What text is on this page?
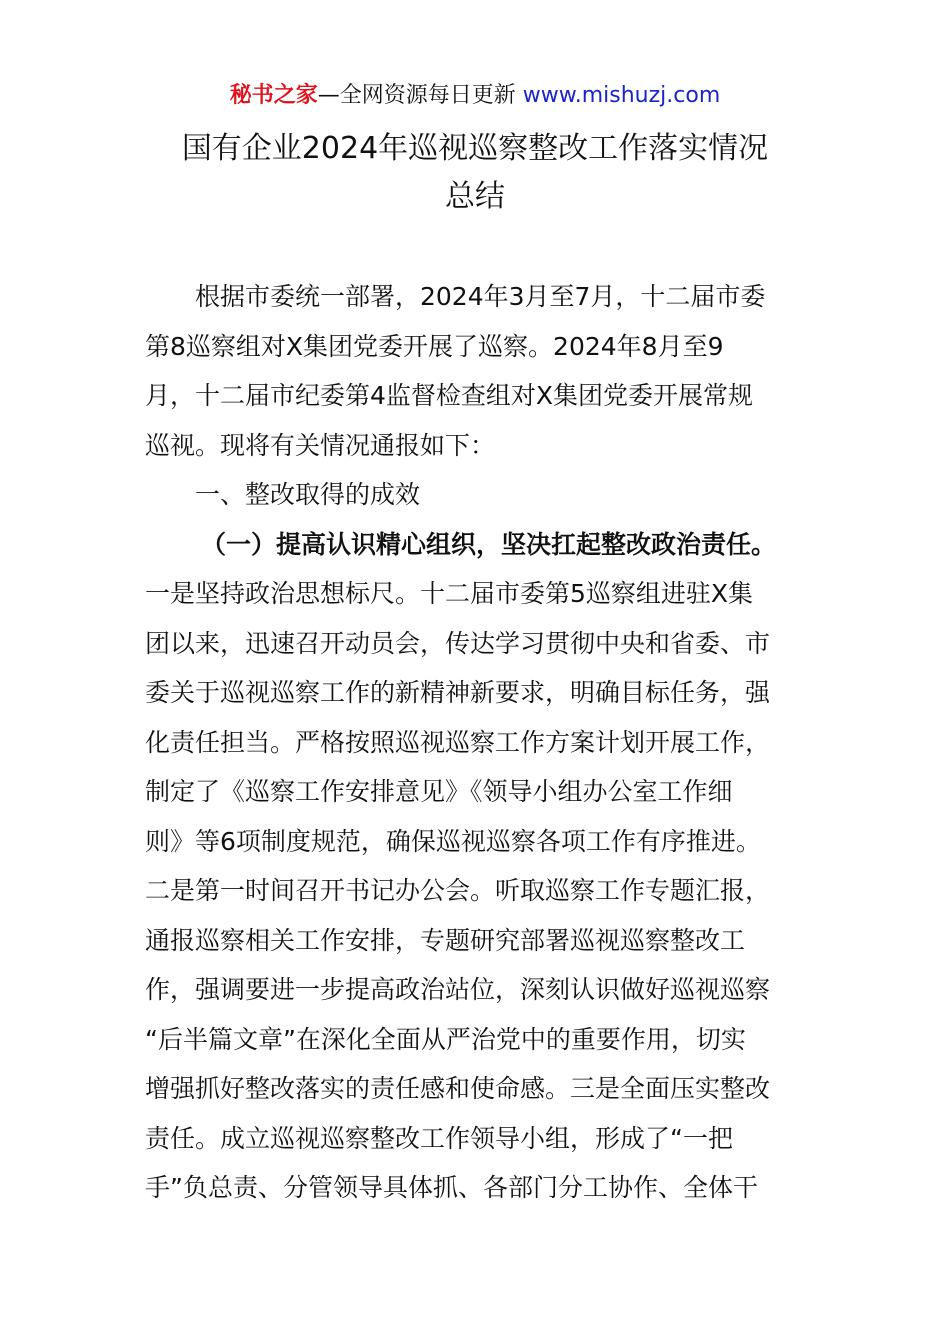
秘书之家—全网资源每日更新 www.mishuzj.com
国有企业2024年巡视巡察整改工作落实情况
总结
根据市委统一部署，2024年3月至7月，十二届市委
第8巡察组对X集团党委开展了巡察。2024年8月至9
月，十二届市纪委第4监督检查组对X集团党委开展常规
巡视。现将有关情况通报如下：
一、整改取得的成效
（一）提高认识精心组织，坚决扛起整改政治责任。
一是坚持政治思想标尺。十二届市委第5巡察组进驻X集
团以来，迅速召开动员会，传达学习贯彻中央和省委、市
委关于巡视巡察工作的新精神新要求，明确目标任务，强
化责任担当。严格按照巡视巡察工作方案计划开展工作，
制定了《巡察工作安排意见》《领导小组办公室工作细
则》等6项制度规范，确保巡视巡察各项工作有序推进。
二是第一时间召开书记办公会。听取巡察工作专题汇报，
通报巡察相关工作安排，专题研究部署巡视巡察整改工
作，强调要进一步提高政治站位，深刻认识做好巡视巡察
“后半篇文章”在深化全面从严治党中的重要作用，切实
增强抓好整改落实的责任感和使命感。三是全面压实整改
责任。成立巡视巡察整改工作领导小组，形成了“一把
手”负总责、分管领导具体抓、各部门分工协作、全体干
